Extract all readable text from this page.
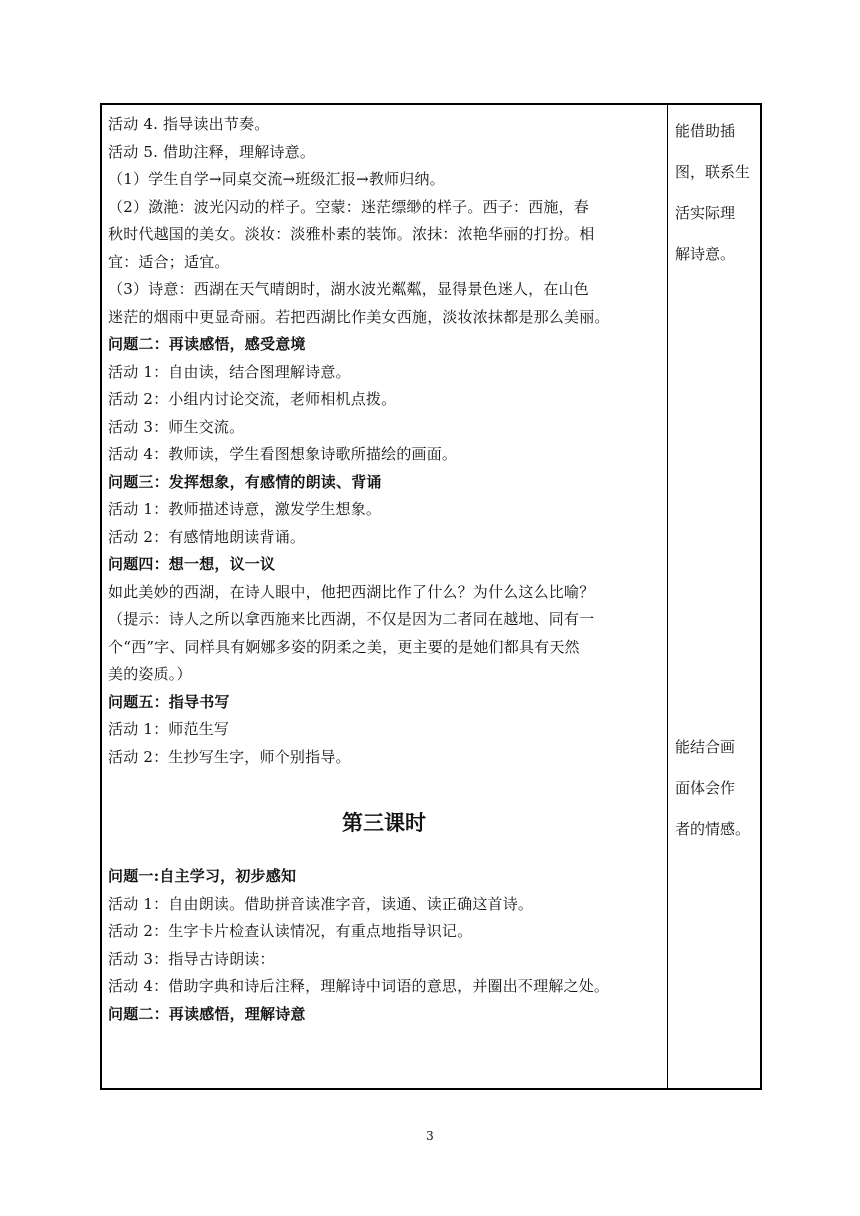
活动 4. 指导读出节奏。
活动 5. 借助注释，理解诗意。
（1）学生自学→同桌交流→班级汇报→教师归纳。
（2）潋滟：波光闪动的样子。空蒙：迷茫缥缈的样子。西子：西施，春
秋时代越国的美女。淡妆：淡雅朴素的装饰。浓抹：浓艳华丽的打扮。相
宜：适合；适宜。
（3）诗意：西湖在天气晴朗时，湖水波光粼粼，显得景色迷人，在山色
迷茫的烟雨中更显奇丽。若把西湖比作美女西施，淡妆浓抹都是那么美丽。
问题二：再读感悟，感受意境
活动 1：自由读，结合图理解诗意。
活动 2：小组内讨论交流，老师相机点拨。
活动 3：师生交流。
活动 4：教师读，学生看图想象诗歌所描绘的画面。
问题三：发挥想象，有感情的朗读、背诵
活动 1：教师描述诗意，激发学生想象。
活动 2：有感情地朗读背诵。
问题四：想一想，议一议
如此美妙的西湖，在诗人眼中，他把西湖比作了什么？为什么这么比喻？
（提示：诗人之所以拿西施来比西湖，不仅是因为二者同在越地、同有一
个“西”字、同样具有婀娜多姿的阴柔之美，更主要的是她们都具有天然
美的姿质。）
问题五：指导书写
活动 1：师范生写
活动 2：生抄写生字，师个别指导。
第三课时
问题一:自主学习，初步感知
活动 1：自由朗读。借助拼音读准字音，读通、读正确这首诗。
活动 2：生字卡片检查认读情况，有重点地指导识记。
活动 3：指导古诗朗读：
活动 4：借助字典和诗后注释，理解诗中词语的意思，并圈出不理解之处。
问题二：再读感悟，理解诗意
能借助插
图，联系生
活实际理
解诗意。
能结合画
面体会作
者的情感。
3
